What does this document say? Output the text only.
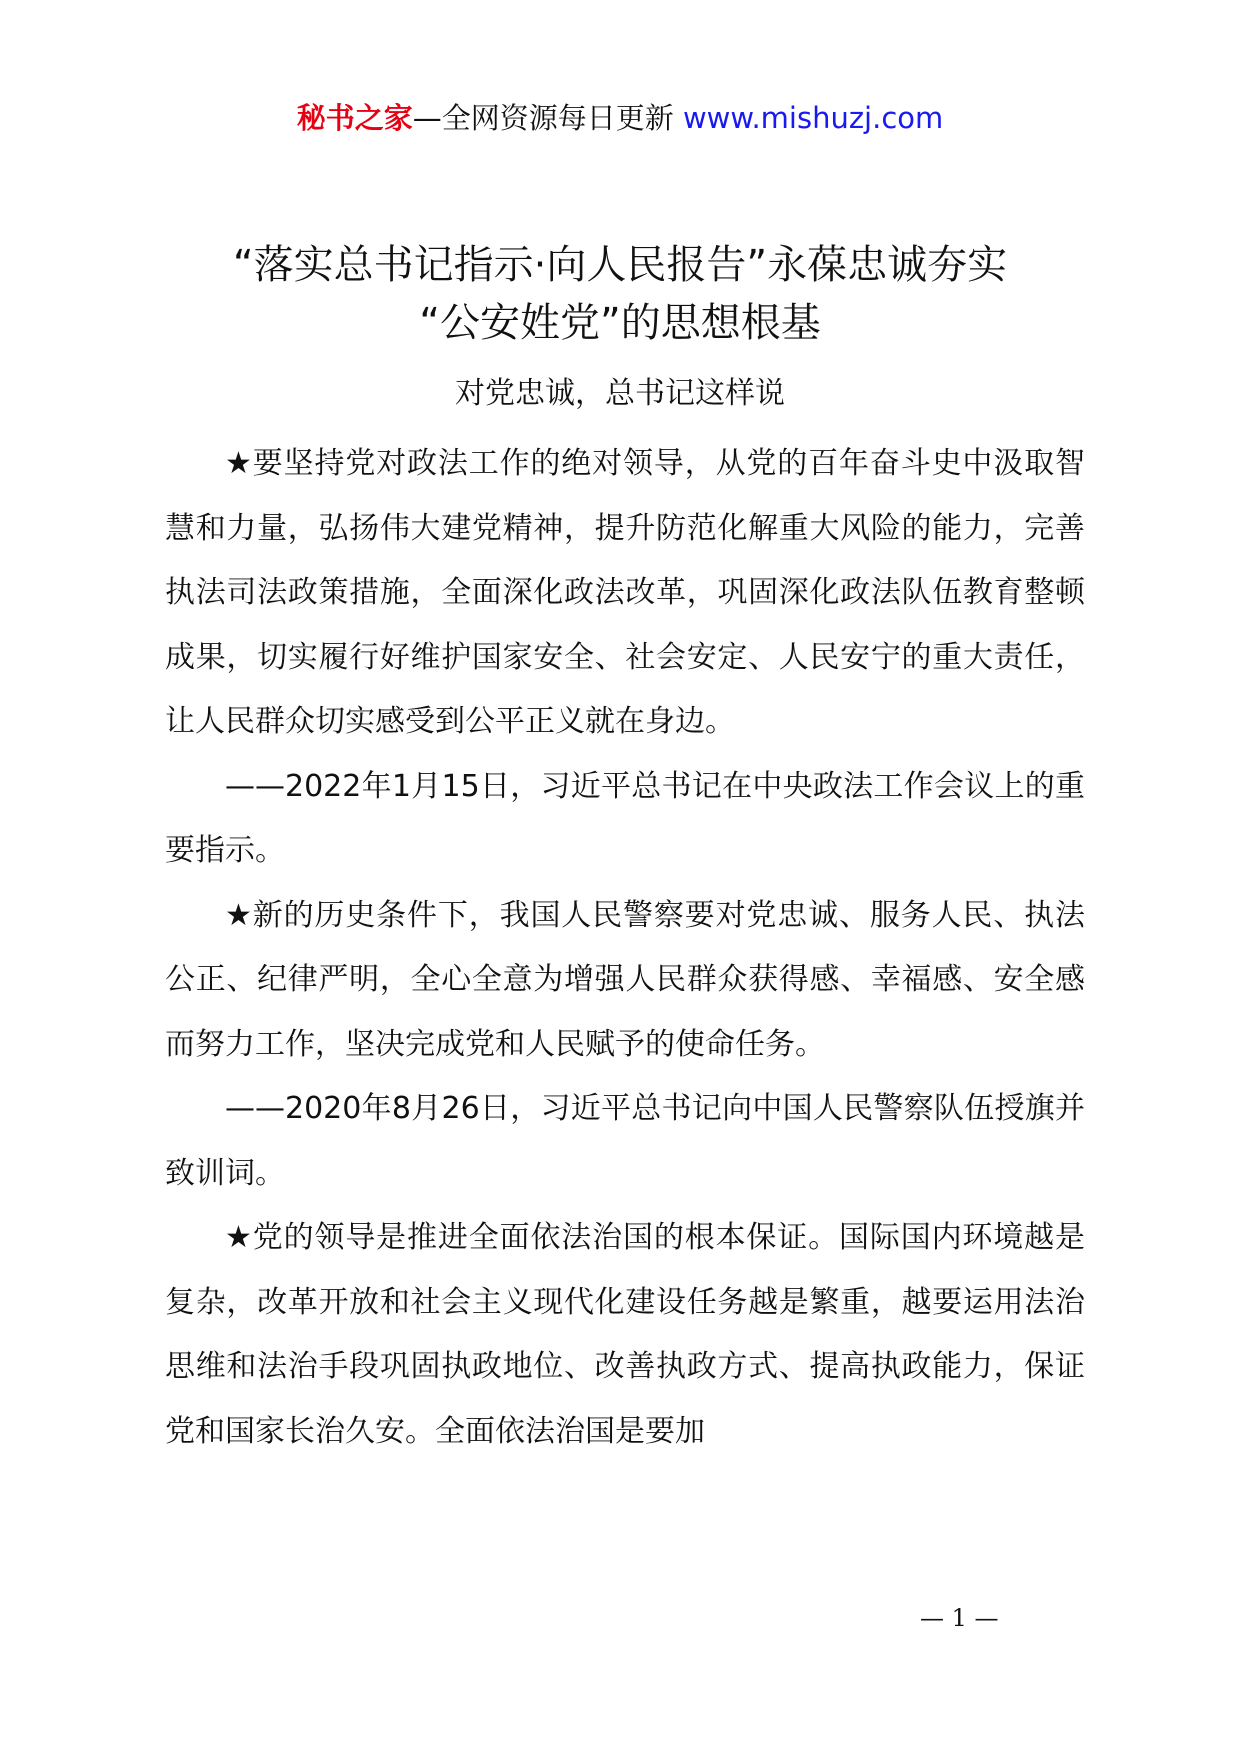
秘书之家—全网资源每日更新 www.mishuzj.com
“落实总书记指示·向人民报告”永葆忠诚夯实
“公安姓党”的思想根基
对党忠诚，总书记这样说

★要坚持党对政法工作的绝对领导，从党的百年奋斗史中汲取智慧和力量，弘扬伟大建党精神，提升防范化解重大风险的能力，完善执法司法政策措施，全面深化政法改革，巩固深化政法队伍教育整顿成果，切实履行好维护国家安全、社会安定、人民安宁的重大责任，让人民群众切实感受到公平正义就在身边。

——2022年1月15日，习近平总书记在中央政法工作会议上的重要指示。

★新的历史条件下，我国人民警察要对党忠诚、服务人民、执法公正、纪律严明，全心全意为增强人民群众获得感、幸福感、安全感而努力工作，坚决完成党和人民赋予的使命任务。

——2020年8月26日，习近平总书记向中国人民警察队伍授旗并致训词。

★党的领导是推进全面依法治国的根本保证。国际国内环境越是复杂，改革开放和社会主义现代化建设任务越是繁重，越要运用法治思维和法治手段巩固执政地位、改善执政方式、提高执政能力，保证党和国家长治久安。全面依法治国是要加

— 1 —
